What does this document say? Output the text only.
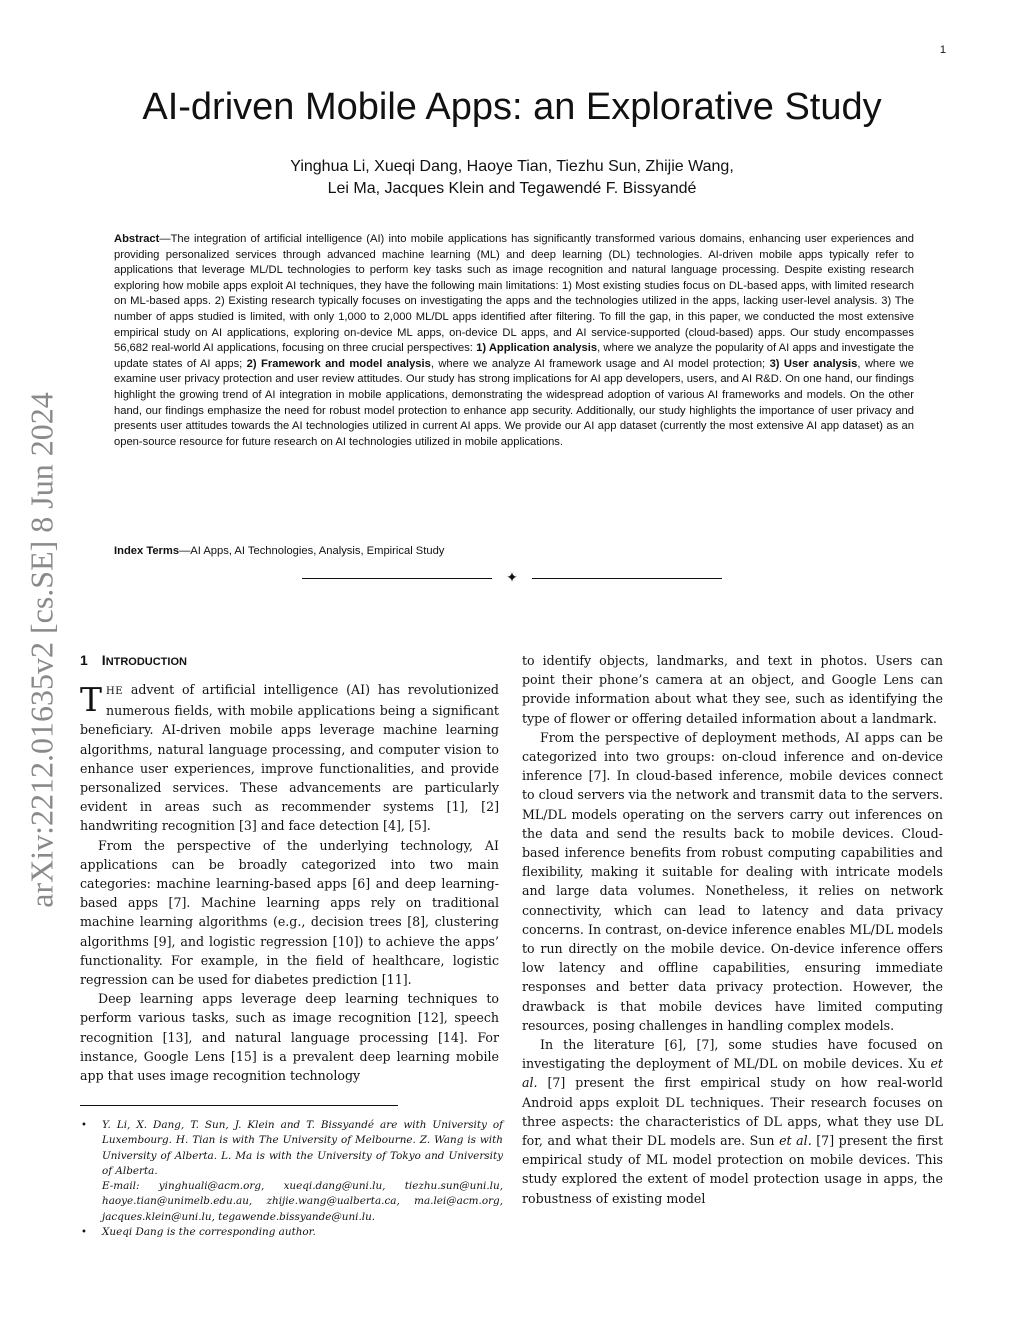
1
arXiv:2212.01635v2 [cs.SE] 8 Jun 2024
AI-driven Mobile Apps: an Explorative Study
Yinghua Li, Xueqi Dang, Haoye Tian, Tiezhu Sun, Zhijie Wang,
Lei Ma, Jacques Klein and Tegawendé F. Bissyandé

Abstract—The integration of artificial intelligence (AI) into mobile applications has significantly transformed various domains, enhancing user experiences and providing personalized services through advanced machine learning (ML) and deep learning (DL) technologies. AI-driven mobile apps typically refer to applications that leverage ML/DL technologies to perform key tasks such as image recognition and natural language processing. Despite existing research exploring how mobile apps exploit AI techniques, they have the following main limitations: 1) Most existing studies focus on DL-based apps, with limited research on ML-based apps. 2) Existing research typically focuses on investigating the apps and the technologies utilized in the apps, lacking user-level analysis. 3) The number of apps studied is limited, with only 1,000 to 2,000 ML/DL apps identified after filtering. To fill the gap, in this paper, we conducted the most extensive empirical study on AI applications, exploring on-device ML apps, on-device DL apps, and AI service-supported (cloud-based) apps. Our study encompasses 56,682 real-world AI applications, focusing on three crucial perspectives: 1) Application analysis, where we analyze the popularity of AI apps and investigate the update states of AI apps; 2) Framework and model analysis, where we analyze AI framework usage and AI model protection; 3) User analysis, where we examine user privacy protection and user review attitudes. Our study has strong implications for AI app developers, users, and AI R&D. On one hand, our findings highlight the growing trend of AI integration in mobile applications, demonstrating the widespread adoption of various AI frameworks and models. On the other hand, our findings emphasize the need for robust model protection to enhance app security. Additionally, our study highlights the importance of user privacy and presents user attitudes towards the AI technologies utilized in current AI apps. We provide our AI app dataset (currently the most extensive AI app dataset) as an open-source resource for future research on AI technologies utilized in mobile applications.

Index Terms—AI Apps, AI Technologies, Analysis, Empirical Study

✦
1 INTRODUCTION

THE advent of artificial intelligence (AI) has revolutionized numerous fields, with mobile applications being a significant beneficiary. AI-driven mobile apps leverage machine learning algorithms, natural language processing, and computer vision to enhance user experiences, improve functionalities, and provide personalized services. These advancements are particularly evident in areas such as recommender systems [1], [2] handwriting recognition [3] and face detection [4], [5].

From the perspective of the underlying technology, AI applications can be broadly categorized into two main categories: machine learning-based apps [6] and deep learning-based apps [7]. Machine learning apps rely on traditional machine learning algorithms (e.g., decision trees [8], clustering algorithms [9], and logistic regression [10]) to achieve the apps’ functionality. For example, in the field of healthcare, logistic regression can be used for diabetes prediction [11].

Deep learning apps leverage deep learning techniques to perform various tasks, such as image recognition [12], speech recognition [13], and natural language processing [14]. For instance, Google Lens [15] is a prevalent deep learning mobile app that uses image recognition technology

to identify objects, landmarks, and text in photos. Users can point their phone’s camera at an object, and Google Lens can provide information about what they see, such as identifying the type of flower or offering detailed information about a landmark.

From the perspective of deployment methods, AI apps can be categorized into two groups: on-cloud inference and on-device inference [7]. In cloud-based inference, mobile devices connect to cloud servers via the network and transmit data to the servers. ML/DL models operating on the servers carry out inferences on the data and send the results back to mobile devices. Cloud-based inference benefits from robust computing capabilities and flexibility, making it suitable for dealing with intricate models and large data volumes. Nonetheless, it relies on network connectivity, which can lead to latency and data privacy concerns. In contrast, on-device inference enables ML/DL models to run directly on the mobile device. On-device inference offers low latency and offline capabilities, ensuring immediate responses and better data privacy protection. However, the drawback is that mobile devices have limited computing resources, posing challenges in handling complex models.

In the literature [6], [7], some studies have focused on investigating the deployment of ML/DL on mobile devices. Xu et al. [7] present the first empirical study on how real-world Android apps exploit DL techniques. Their research focuses on three aspects: the characteristics of DL apps, what they use DL for, and what their DL models are. Sun et al. [7] present the first empirical study of ML model protection on mobile devices. This study explored the extent of model protection usage in apps, the robustness of existing model

• Y. Li, X. Dang, T. Sun, J. Klein and T. Bissyandé are with University of Luxembourg. H. Tian is with The University of Melbourne. Z. Wang is with University of Alberta. L. Ma is with the University of Tokyo and University of Alberta.
E-mail: yinghuali@acm.org, xueqi.dang@uni.lu, tiezhu.sun@uni.lu, haoye.tian@unimelb.edu.au, zhijie.wang@ualberta.ca, ma.lei@acm.org, jacques.klein@uni.lu, tegawende.bissyande@uni.lu.
• Xueqi Dang is the corresponding author.
